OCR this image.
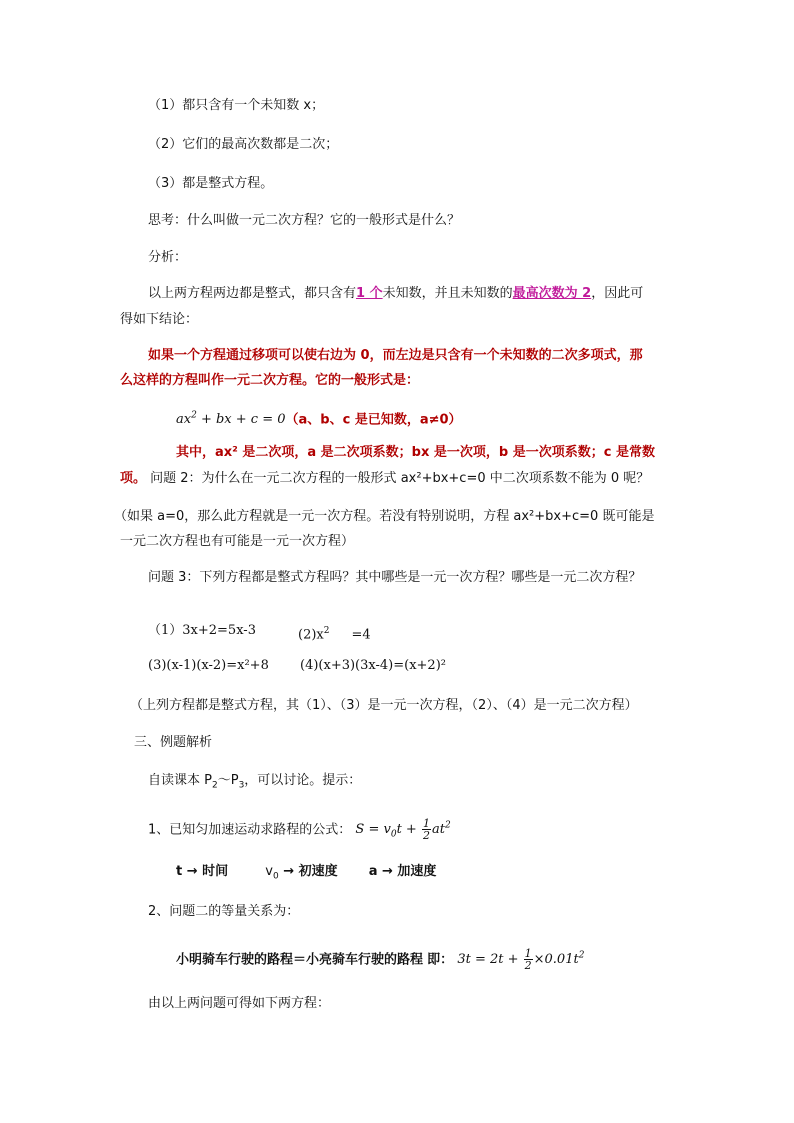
（1）都只含有一个未知数 x；
（2）它们的最高次数都是二次；
（3）都是整式方程。
思考：什么叫做一元二次方程？它的一般形式是什么？
分析：
以上两方程两边都是整式，都只含有1 个未知数，并且未知数的最高次数为 2，因此可
得如下结论：
如果一个方程通过移项可以使右边为 0，而左边是只含有一个未知数的二次多项式，那
么这样的方程叫作一元二次方程。它的一般形式是：
$ax^2$ + bx + c = 0（a、b、c 是已知数，a≠0）
其中，ax² 是二次项，a 是二次项系数；bx 是一次项，b 是一次项系数；c 是常数
项。 问题 2：为什么在一元二次方程的一般形式 ax²+bx+c=0 中二次项系数不能为 0 呢？
（如果 a=0，那么此方程就是一元一次方程。若没有特别说明，方程 ax²+bx+c=0 既可能是
一元二次方程也有可能是一元一次方程）
问题 3：下列方程都是整式方程吗？其中哪些是一元一次方程？哪些是一元二次方程？
（1）3x+2=5x-3	$(2)x^2 =4$
(3)(x-1)(x-2)=x²+8 (4)(x+3)(3x-4)=(x+2)²
（上列方程都是整式方程，其（1）、（3）是一元一次方程，（2）、（4）是一元二次方程）
三、例题解析
自读课本 $P_2\sim P_3$，可以讨论。提示：
1、已知匀加速运动求路程的公式： $S = v_0t + \frac{1}{2} at^2$
t → 时间	$v_0$ → 初速度 a → 加速度
2、问题二的等量关系为：
小明骑车行驶的路程＝小亮骑车行驶的路程 即： $3t = 2t + \frac{1}{2} \times 0.01t^2$
由以上两问题可得如下两方程：
